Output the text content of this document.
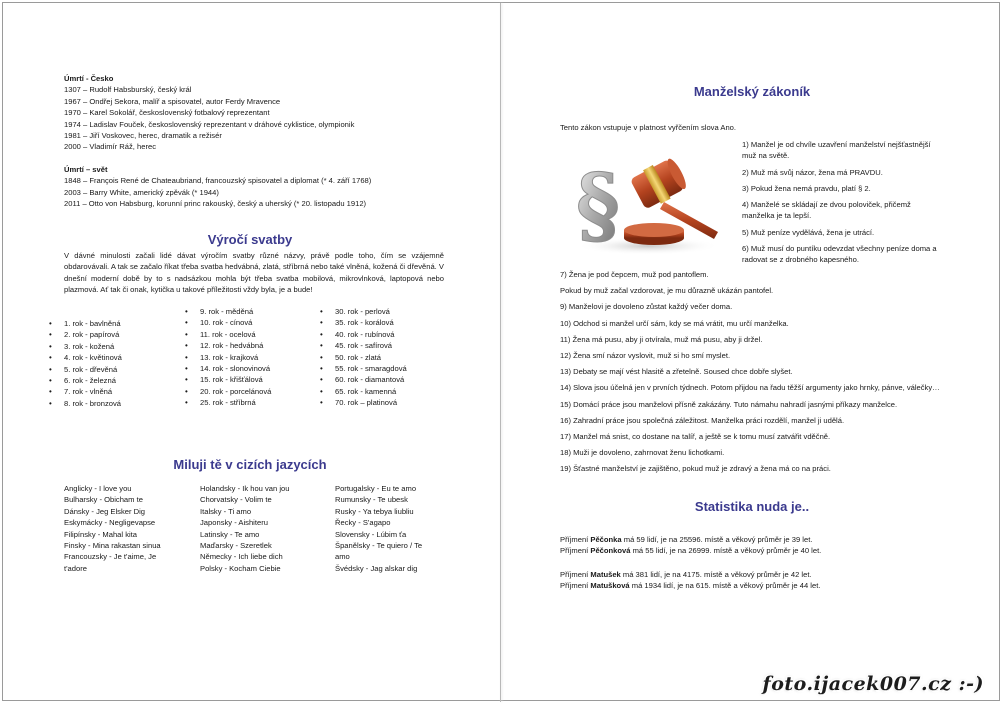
Úmrtí - Česko
1307 – Rudolf Habsburský, český král
1967 – Ondřej Sekora, malíř a spisovatel, autor Ferdy Mravence
1970 – Karel Sokolář, československý fotbalový reprezentant
1974 – Ladislav Fouček, československý reprezentant v dráhové cyklistice, olympionik
1981 – Jiří Voskovec, herec, dramatik a režisér
2000 – Vladimír Ráž, herec
Úmrtí – svět
1848 – François René de Chateaubriand, francouzský spisovatel a diplomat (* 4. září 1768)
2003 – Barry White, americký zpěvák (* 1944)
2011 – Otto von Habsburg, korunní princ rakouský, český a uherský (* 20. listopadu 1912)
Výročí svatby
V dávné minulosti začali lidé dávat výročím svatby různé názvy, právě podle toho, čím se vzájemně obdarovávali. A tak se začalo říkat třeba svatba hedvábná, zlatá, stříbrná nebo také vlněná, kožená či dřevěná. V dnešní moderní době by to s nadsázkou mohla být třeba svatba mobilová, mikrovlnková, laptopová nebo plazmová. Ať tak či onak, kytička u takové příležitosti vždy byla, je a bude!
• 1. rok - bavlněná
• 2. rok - papírová
• 3. rok - kožená
• 4. rok - květinová
• 5. rok - dřevěná
• 6. rok - železná
• 7. rok - vlněná
• 8. rok - bronzová
• 9. rok - měděná
• 10. rok - cínová
• 11. rok - ocelová
• 12. rok - hedvábná
• 13. rok - krajková
• 14. rok - slonovinová
• 15. rok - křišťálová
• 20. rok - porcelánová
• 25. rok - stříbrná
• 30. rok - perlová
• 35. rok - korálová
• 40. rok - rubínová
• 45. rok - safírová
• 50. rok - zlatá
• 55. rok - smaragdová
• 60. rok - diamantová
• 65. rok - kamenná
• 70. rok – platinová
Miluji tě v cizích jazycích
Anglicky - I love you
Bulharsky - Obicham te
Dánsky - Jeg Elsker Dig
Eskymácky - Negligevapse
Filipínsky - Mahal kita
Finsky - Mina rakastan sinua
Francouzsky - Je t'aime, Je
t'adore
Holandsky - Ik hou van jou
Chorvatsky - Volim te
Italsky - Ti amo
Japonsky - Aishiteru
Latinsky - Te amo
Maďarsky - Szeretlek
Německy - Ich liebe dich
Polsky - Kocham Ciebie
Portugalsky - Eu te amo
Rumunsky - Te ubesk
Rusky - Ya tebya liubliu
Řecky - S'agapo
Slovensky - Lúbim ťa
Španělsky - Te quiero / Te
amo
Švédsky - Jag alskar dig
Manželský zákoník
Tento zákon vstupuje v platnost vyřčením slova Ano.
§
1) Manžel je od chvíle uzavření manželství nejšťastnější muž na světě.
2) Muž má svůj názor, žena má PRAVDU.
3) Pokud žena nemá pravdu, platí § 2.
4) Manželé se skládají ze dvou poloviček, přičemž manželka je ta lepší.
5) Muž peníze vydělává, žena je utrácí.
6) Muž musí do puntíku odevzdat všechny peníze doma a radovat se z drobného kapesného.
7) Žena je pod čepcem, muž pod pantoflem.
Pokud by muž začal vzdorovat, je mu důrazně ukázán pantofel.
9) Manželovi je dovoleno zůstat každý večer doma.
10) Odchod si manžel určí sám, kdy se má vrátit, mu určí manželka.
11) Žena má pusu, aby ji otvírala, muž má pusu, aby ji držel.
12) Žena smí názor vyslovit, muž si ho smí myslet.
13) Debaty se mají vést hlasitě a zřetelně. Soused chce dobře slyšet.
14) Slova jsou účelná jen v prvních týdnech. Potom přijdou na řadu těžší argumenty jako hrnky, pánve, válečky…
15) Domácí práce jsou manželovi přísně zakázány. Tuto námahu nahradí jasnými příkazy manželce.
16) Zahradní práce jsou společná záležitost. Manželka práci rozdělí, manžel ji udělá.
17) Manžel má snist, co dostane na talíř, a ještě se k tomu musí zatvářit vděčně.
18) Muži je dovoleno, zahrnovat ženu lichotkami.
19) Šťastné manželství je zajištěno, pokud muž je zdravý a žena má co na práci.
Statistika nuda je..
Příjmení Pěčonka má 59 lidí, je na 25596. místě a věkový průměr je 39 let.
Příjmení Pěčonková má 55 lidí, je na 26999. místě a věkový průměr je 40 let.
Příjmení Matušek má 381 lidí, je na 4175. místě a věkový průměr je 42 let.
Příjmení Matušková má 1934 lidí, je na 615. místě a věkový průměr je 44 let.
foto.ijacek007.cz :-)
